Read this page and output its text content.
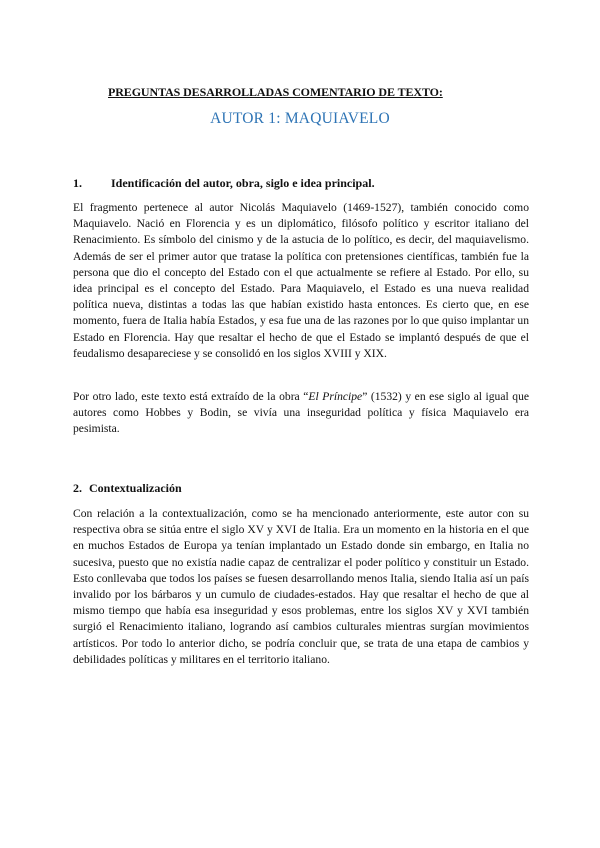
PREGUNTAS DESARROLLADAS COMENTARIO DE TEXTO:
AUTOR 1: MAQUIAVELO
1. Identificación del autor, obra, siglo e idea principal.

El fragmento pertenece al autor Nicolás Maquiavelo (1469-1527), también conocido como Maquiavelo. Nació en Florencia y es un diplomático, filósofo político y escritor italiano del Renacimiento. Es símbolo del cinismo y de la astucia de lo político, es decir, del maquiavelismo. Además de ser el primer autor que tratase la política con pretensiones científicas, también fue la persona que dio el concepto del Estado con el que actualmente se refiere al Estado. Por ello, su idea principal es el concepto del Estado. Para Maquiavelo, el Estado es una nueva realidad política nueva, distintas a todas las que habían existido hasta entonces. Es cierto que, en ese momento, fuera de Italia había Estados, y esa fue una de las razones por lo que quiso implantar un Estado en Florencia. Hay que resaltar el hecho de que el Estado se implantó después de que el feudalismo desapareciese y se consolidó en los siglos XVIII y XIX.

Por otro lado, este texto está extraído de la obra “El Príncipe” (1532) y en ese siglo al igual que autores como Hobbes y Bodin, se vivía una inseguridad política y física Maquiavelo era pesimista.

2. Contextualización

Con relación a la contextualización, como se ha mencionado anteriormente, este autor con su respectiva obra se sitúa entre el siglo XV y XVI de Italia. Era un momento en la historia en el que en muchos Estados de Europa ya tenían implantado un Estado donde sin embargo, en Italia no sucesiva, puesto que no existía nadie capaz de centralizar el poder político y constituir un Estado. Esto conllevaba que todos los países se fuesen desarrollando menos Italia, siendo Italia así un país invalido por los bárbaros y un cumulo de ciudades-estados. Hay que resaltar el hecho de que al mismo tiempo que había esa inseguridad y esos problemas, entre los siglos XV y XVI también surgió el Renacimiento italiano, logrando así cambios culturales mientras surgían movimientos artísticos. Por todo lo anterior dicho, se podría concluir que, se trata de una etapa de cambios y debilidades políticas y militares en el territorio italiano.
